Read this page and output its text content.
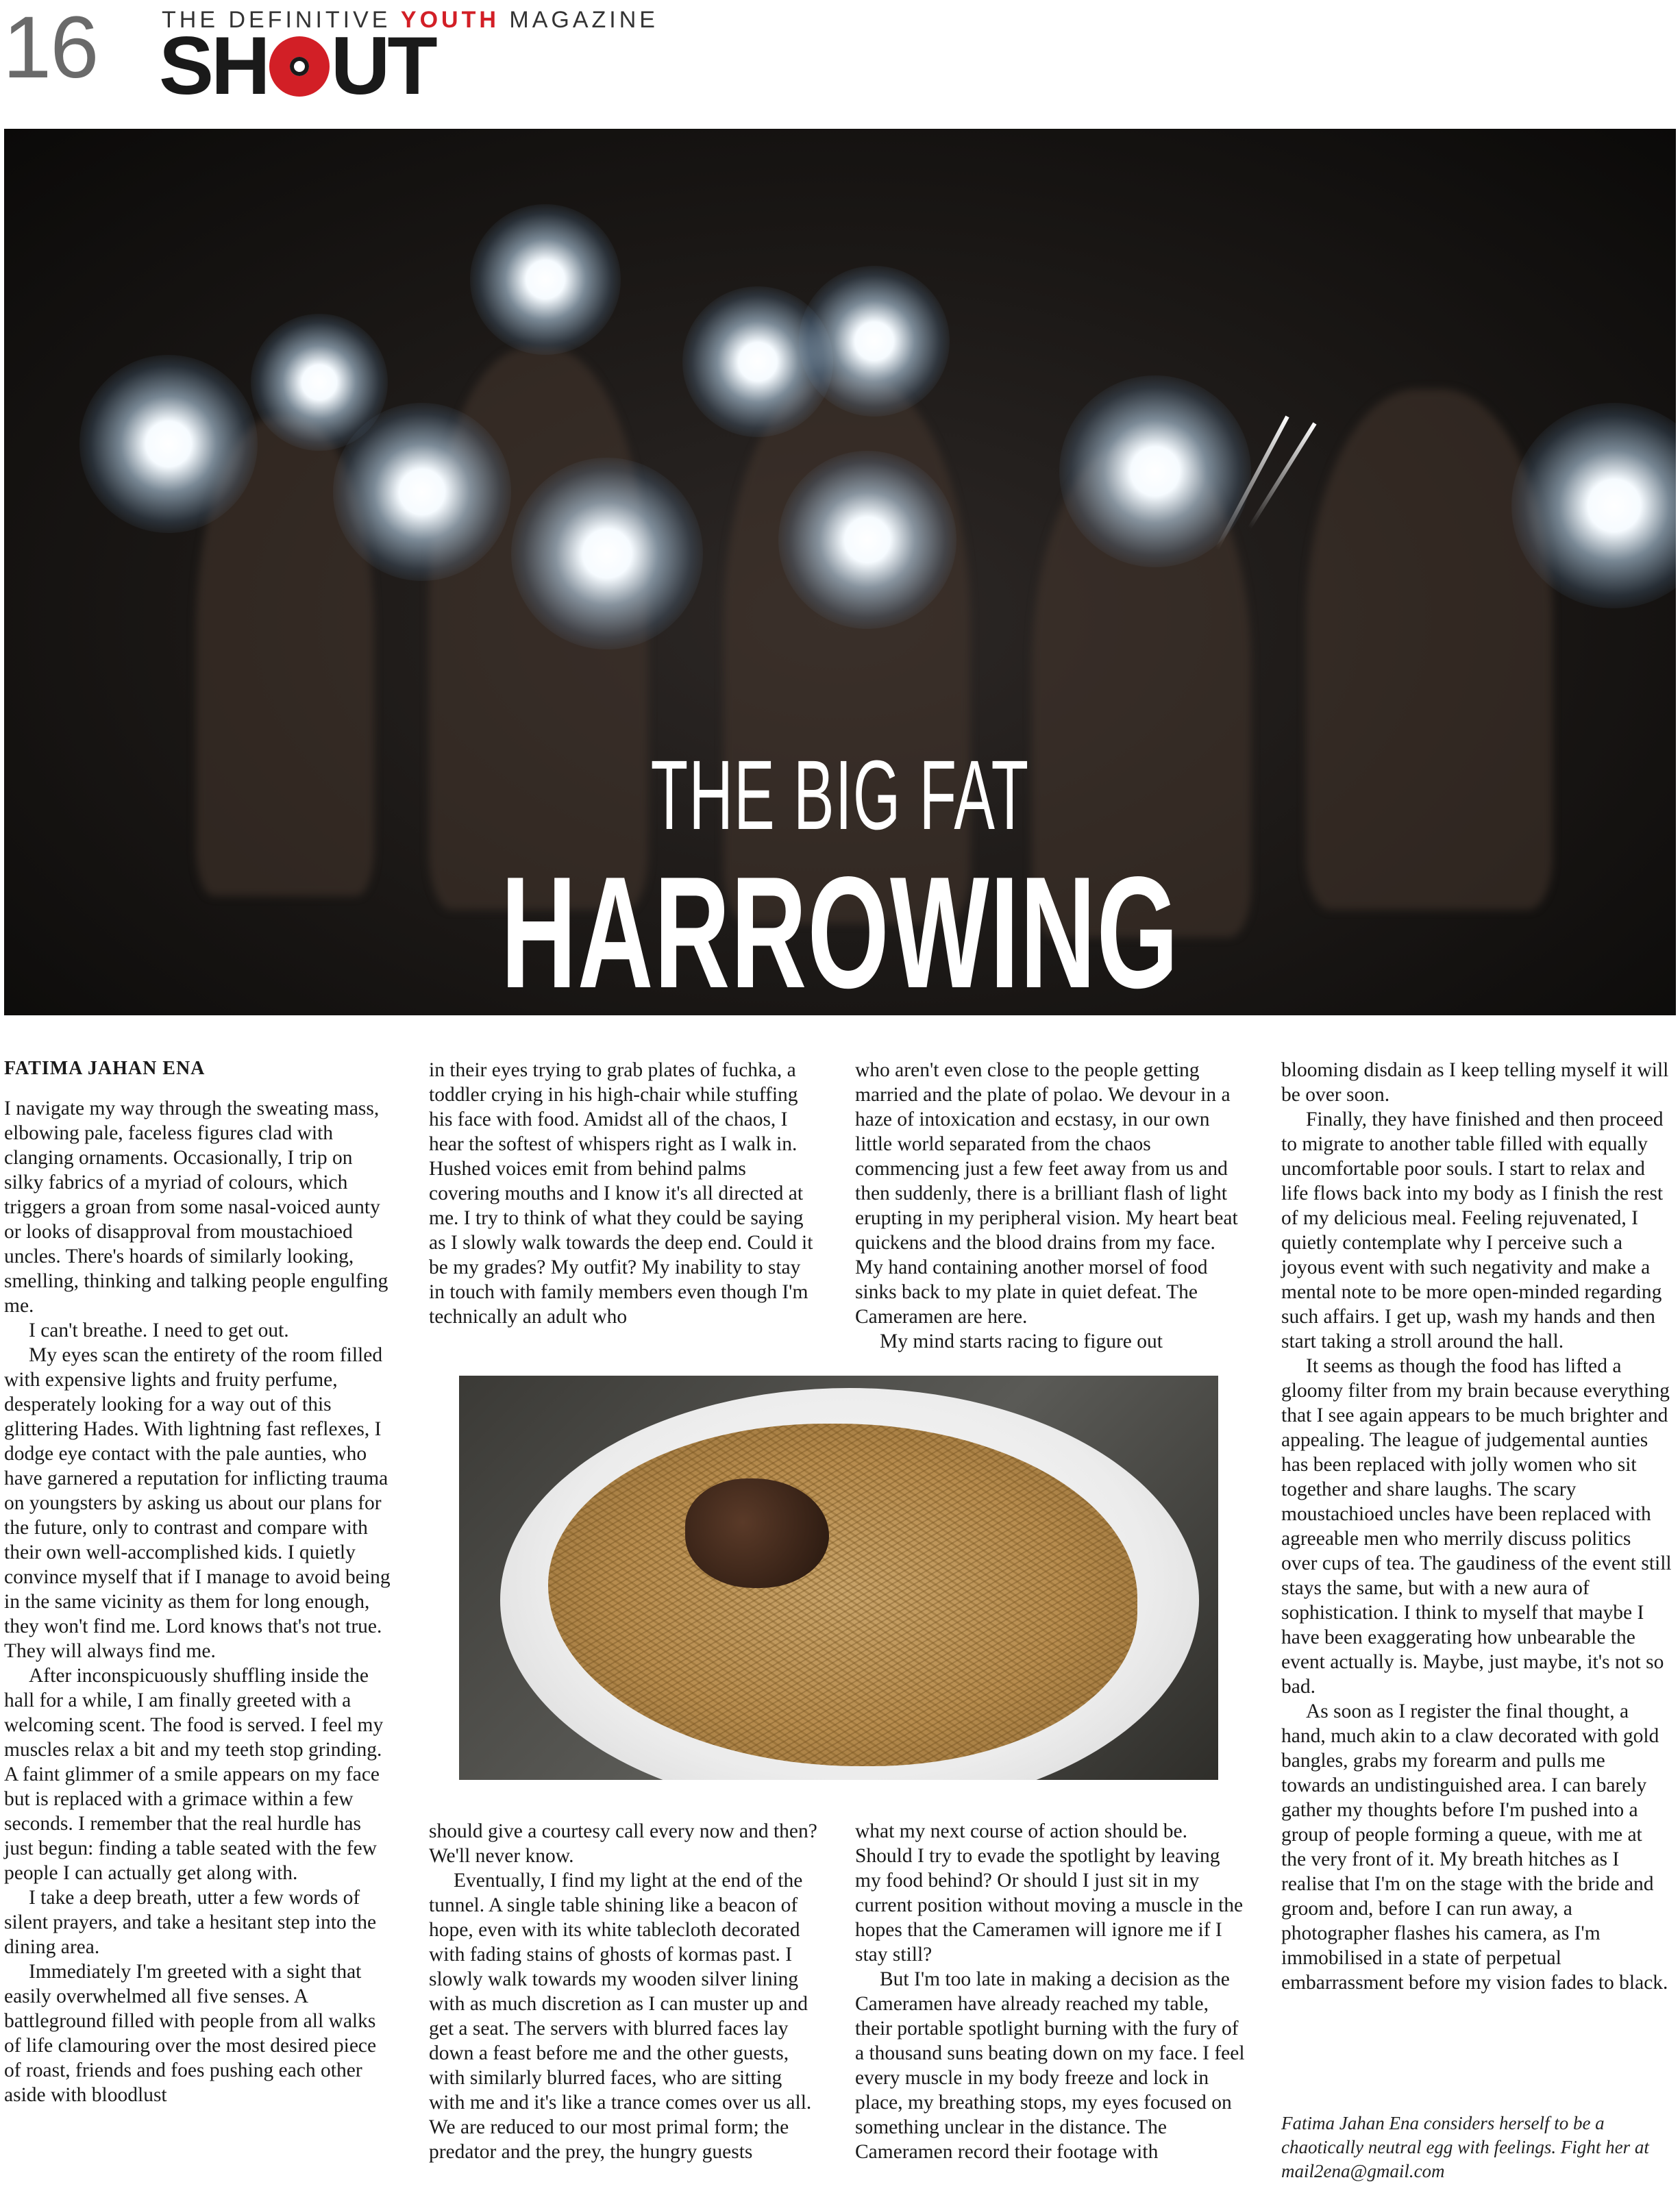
16	THE DEFINITIVE YOUTH MAGAZINE
SH UT
THE BIG FAT
HARROWING
FATIMA JAHAN ENA

I navigate my way through the sweating mass, elbowing pale, faceless figures clad with clanging ornaments. Occasionally, I trip on silky fabrics of a myriad of colours, which triggers a groan from some nasal-voiced aunty or looks of disapproval from moustachioed uncles. There's hoards of similarly looking, smelling, thinking and talking people engulfing me.

I can't breathe. I need to get out.

My eyes scan the entirety of the room filled with expensive lights and fruity perfume, desperately looking for a way out of this glittering Hades. With lightning fast reflexes, I dodge eye contact with the pale aunties, who have garnered a reputation for inflicting trauma on youngsters by asking us about our plans for the future, only to contrast and compare with their own well-accomplished kids. I quietly convince myself that if I manage to avoid being in the same vicinity as them for long enough, they won't find me. Lord knows that's not true. They will always find me.

After inconspicuously shuffling inside the hall for a while, I am finally greeted with a welcoming scent. The food is served. I feel my muscles relax a bit and my teeth stop grinding. A faint glimmer of a smile appears on my face but is replaced with a grimace within a few seconds. I remember that the real hurdle has just begun: finding a table seated with the few people I can actually get along with.

I take a deep breath, utter a few words of silent prayers, and take a hesitant step into the dining area.

Immediately I'm greeted with a sight that easily overwhelmed all five senses. A battleground filled with people from all walks of life clamouring over the most desired piece of roast, friends and foes pushing each other aside with bloodlust

in their eyes trying to grab plates of fuchka, a toddler crying in his high-chair while stuffing his face with food. Amidst all of the chaos, I hear the softest of whispers right as I walk in. Hushed voices emit from behind palms covering mouths and I know it's all directed at me. I try to think of what they could be saying as I slowly walk towards the deep end. Could it be my grades? My outfit? My inability to stay in touch with family members even though I'm technically an adult who

should give a courtesy call every now and then? We'll never know.

Eventually, I find my light at the end of the tunnel. A single table shining like a beacon of hope, even with its white tablecloth decorated with fading stains of ghosts of kormas past. I slowly walk towards my wooden silver lining with as much discretion as I can muster up and get a seat. The servers with blurred faces lay down a feast before me and the other guests, with similarly blurred faces, who are sitting with me and it's like a trance comes over us all. We are reduced to our most primal form; the predator and the prey, the hungry guests

who aren't even close to the people getting married and the plate of polao. We devour in a haze of intoxication and ecstasy, in our own little world separated from the chaos commencing just a few feet away from us and then suddenly, there is a brilliant flash of light erupting in my peripheral vision. My heart beat quickens and the blood drains from my face. My hand containing another morsel of food sinks back to my plate in quiet defeat. The Cameramen are here.

My mind starts racing to figure out

what my next course of action should be. Should I try to evade the spotlight by leaving my food behind? Or should I just sit in my current position without moving a muscle in the hopes that the Cameramen will ignore me if I stay still?

But I'm too late in making a decision as the Cameramen have already reached my table, their portable spotlight burning with the fury of a thousand suns beating down on my face. I feel every muscle in my body freeze and lock in place, my breathing stops, my eyes focused on something unclear in the distance. The Cameramen record their footage with

blooming disdain as I keep telling myself it will be over soon.

Finally, they have finished and then proceed to migrate to another table filled with equally uncomfortable poor souls. I start to relax and life flows back into my body as I finish the rest of my delicious meal. Feeling rejuvenated, I quietly contemplate why I perceive such a joyous event with such negativity and make a mental note to be more open-minded regarding such affairs. I get up, wash my hands and then start taking a stroll around the hall.

It seems as though the food has lifted a gloomy filter from my brain because everything that I see again appears to be much brighter and appealing. The league of judgemental aunties has been replaced with jolly women who sit together and share laughs. The scary moustachioed uncles have been replaced with agreeable men who merrily discuss politics over cups of tea. The gaudiness of the event still stays the same, but with a new aura of sophistication. I think to myself that maybe I have been exaggerating how unbearable the event actually is. Maybe, just maybe, it's not so bad.

As soon as I register the final thought, a hand, much akin to a claw decorated with gold bangles, grabs my forearm and pulls me towards an undistinguished area. I can barely gather my thoughts before I'm pushed into a group of people forming a queue, with me at the very front of it. My breath hitches as I realise that I'm on the stage with the bride and groom and, before I can run away, a photographer flashes his camera, as I'm immobilised in a state of perpetual embarrassment before my vision fades to black.

Fatima Jahan Ena considers herself to be a chaotically neutral egg with feelings. Fight her at mail2ena@gmail.com
